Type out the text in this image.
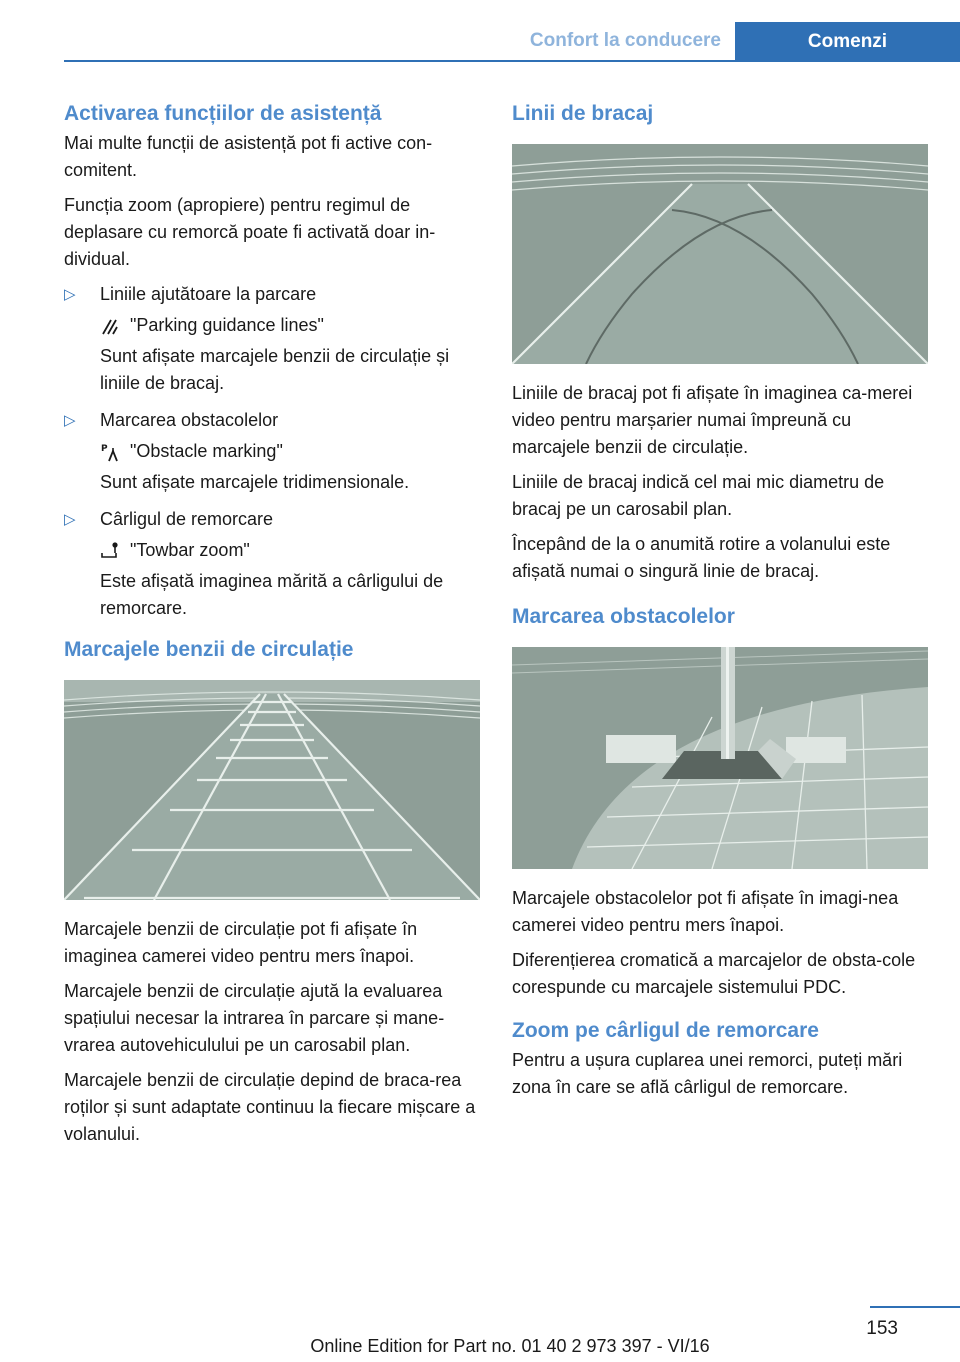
Confort la conducere	Comenzi
Activarea funcțiilor de asistență

Mai multe funcții de asistență pot fi active con‐comitent.

Funcția zoom (apropiere) pentru regimul de deplasare cu remorcă poate fi activată doar in‐dividual.

▷ Liniile ajutătoare la parcare
"Parking guidance lines"
Sunt afișate marcajele benzii de circulație și liniile de bracaj.
▷ Marcarea obstacolelor
P "Obstacle marking"
Sunt afișate marcajele tridimensionale.
▷ Cârligul de remorcare
"Towbar zoom"
Este afișată imaginea mărită a cârligului de remorcare.
Marcajele benzii de circulație

Marcajele benzii de circulație pot fi afișate în imaginea camerei video pentru mers înapoi.

Marcajele benzii de circulație ajută la evaluarea spațiului necesar la intrarea în parcare și mane‐vrarea autovehiculului pe un carosabil plan.

Marcajele benzii de circulație depind de braca‐rea roților și sunt adaptate continuu la fiecare mișcare a volanului.

Linii de bracaj

Liniile de bracaj pot fi afișate în imaginea ca‐merei video pentru marșarier numai împreună cu marcajele benzii de circulație.

Liniile de bracaj indică cel mai mic diametru de bracaj pe un carosabil plan.

Începând de la o anumită rotire a volanului este afișată numai o singură linie de bracaj.

Marcarea obstacolelor

Marcajele obstacolelor pot fi afișate în imagi‐nea camerei video pentru mers înapoi.

Diferențierea cromatică a marcajelor de obsta‐cole corespunde cu marcajele sistemului PDC.

Zoom pe cârligul de remorcare

Pentru a ușura cuplarea unei remorci, puteți mări zona în care se află cârligul de remorcare.

153
Online Edition for Part no. 01 40 2 973 397 - VI/16
